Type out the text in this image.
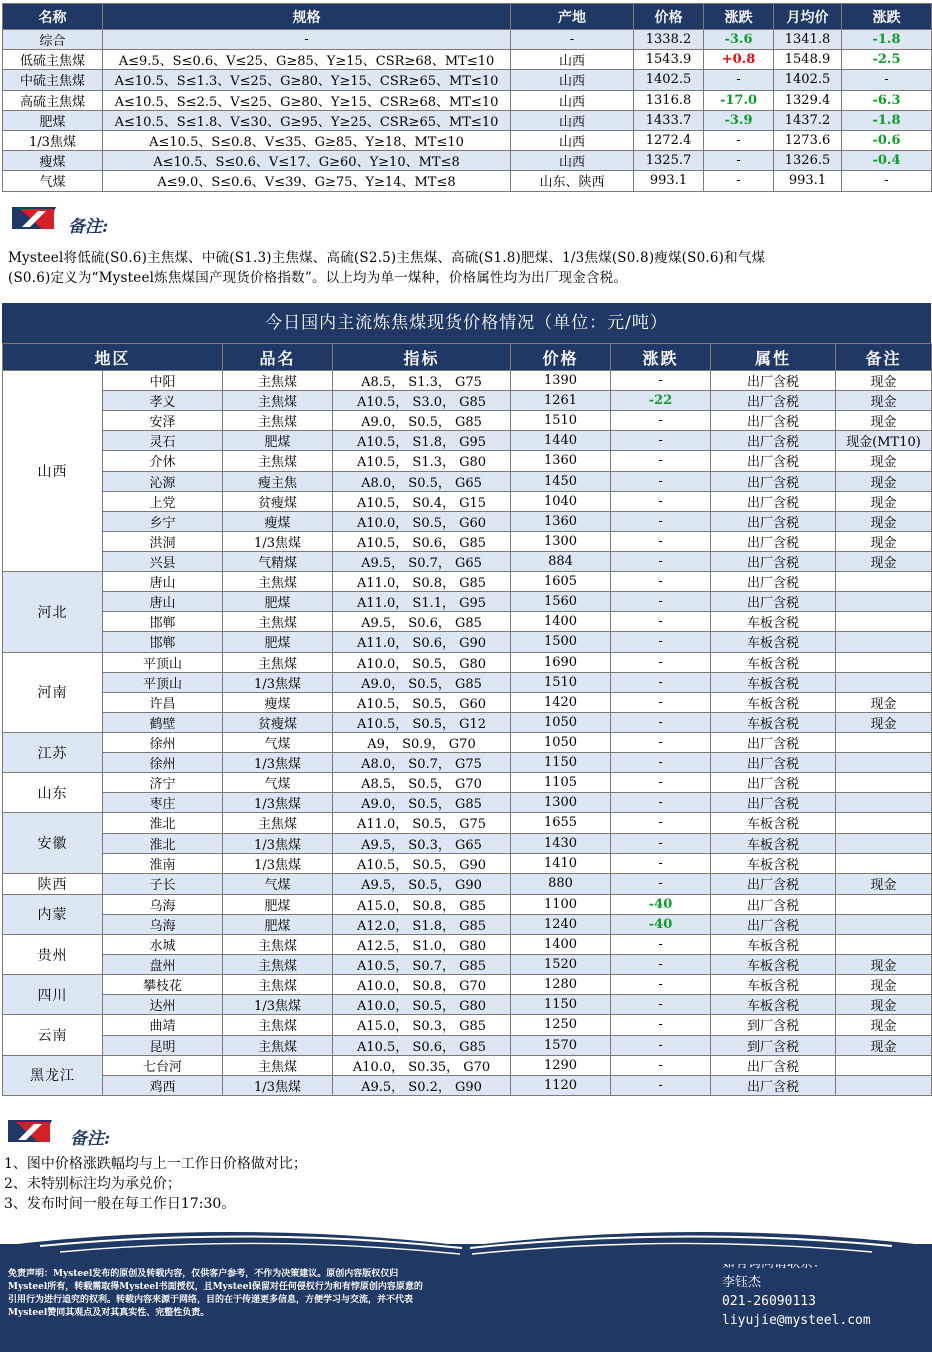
名称	规格	产地	价格	涨跌	月均价	涨跌
综合	-	-	1338.2	-3.6	1341.8	-1.8
低硫主焦煤	A≤9.5、S≤0.6、V≤25、G≥85、Y≥15、CSR≥68、MT≤10	山西	1543.9	+0.8	1548.9	-2.5
中硫主焦煤	A≤10.5、S≤1.3、V≤25、G≥80、Y≥15、CSR≥65、MT≤10	山西	1402.5	-	1402.5	-
高硫主焦煤	A≤10.5、S≤2.5、V≤25、G≥80、Y≥15、CSR≥68、MT≤10	山西	1316.8	-17.0	1329.4	-6.3
肥煤	A≤10.5、S≤1.8、V≤30、G≥95、Y≥25、CSR≥65、MT≤10	山西	1433.7	-3.9	1437.2	-1.8
1/3焦煤	A≤10.5、S≤0.8、V≤35、G≥85、Y≥18、MT≤10	山西	1272.4	-	1273.6	-0.6
瘦煤	A≤10.5、S≤0.6、V≤17、G≥60、Y≥10、MT≤8	山西	1325.7	-	1326.5	-0.4
气煤	A≤9.0、S≤0.6、V≤39、G≥75、Y≥14、MT≤8	山东、陕西	993.1	-	993.1	-
备注:
Mysteel将低硫(S0.6)主焦煤、中硫(S1.3)主焦煤、高硫(S2.5)主焦煤、高硫(S1.8)肥煤、1/3焦煤(S0.8)瘦煤(S0.6)和气煤
(S0.6)定义为“Mysteel炼焦煤国产现货价格指数”。以上均为单一煤种，价格属性均为出厂现金含税。
今日国内主流炼焦煤现货价格情况（单位：元/吨）
地区		品名	指标	价格	涨跌	属性	备注
山西	中阳	主焦煤	A8.5， S1.3， G75	1390	-	出厂含税	现金
	孝义	主焦煤	A10.5， S3.0， G85	1261	-22	出厂含税	现金
	安泽	主焦煤	A9.0， S0.5， G85	1510	-	出厂含税	现金
	灵石	肥煤	A10.5， S1.8， G95	1440	-	出厂含税	现金(MT10)
	介休	主焦煤	A10.5， S1.3， G80	1360	-	出厂含税	现金
	沁源	瘦主焦	A8.0， S0.5， G65	1450	-	出厂含税	现金
	上党	贫瘦煤	A10.5， S0.4， G15	1040	-	出厂含税	现金
	乡宁	瘦煤	A10.0， S0.5， G60	1360	-	出厂含税	现金
	洪洞	1/3焦煤	A10.5， S0.6， G85	1300	-	出厂含税	现金
	兴县	气精煤	A9.5， S0.7， G65	884	-	出厂含税	现金
河北	唐山	主焦煤	A11.0， S0.8， G85	1605	-	出厂含税	
	唐山	肥煤	A11.0， S1.1， G95	1560	-	出厂含税	
	邯郸	主焦煤	A9.5， S0.6， G85	1400	-	车板含税	
	邯郸	肥煤	A11.0， S0.6， G90	1500	-	车板含税	
河南	平顶山	主焦煤	A10.0， S0.5， G80	1690	-	车板含税	
	平顶山	1/3焦煤	A9.0， S0.5， G85	1510	-	车板含税	
	许昌	瘦煤	A10.5， S0.5， G60	1420	-	车板含税	现金
	鹤壁	贫瘦煤	A10.5， S0.5， G12	1050	-	车板含税	现金
江苏	徐州	气煤	A9， S0.9， G70	1050	-	出厂含税	
	徐州	1/3焦煤	A8.0， S0.7， G75	1150	-	出厂含税	
山东	济宁	气煤	A8.5， S0.5， G70	1105	-	出厂含税	
	枣庄	1/3焦煤	A9.0， S0.5， G85	1300	-	出厂含税	
安徽	淮北	主焦煤	A11.0， S0.5， G75	1655	-	车板含税	
	淮北	1/3焦煤	A9.5， S0.3， G65	1430	-	车板含税	
	淮南	1/3焦煤	A10.5， S0.5， G90	1410	-	车板含税	
陕西	子长	气煤	A9.5， S0.5， G90	880	-	出厂含税	现金
内蒙	乌海	肥煤	A15.0， S0.8， G85	1100	-40	出厂含税	
	乌海	肥煤	A12.0， S1.8， G85	1240	-40	出厂含税	
贵州	水城	主焦煤	A12.5， S1.0， G80	1400	-	车板含税	
	盘州	主焦煤	A10.5， S0.7， G85	1520	-	车板含税	现金
四川	攀枝花	主焦煤	A10.0， S0.8， G70	1280	-	车板含税	现金
	达州	1/3焦煤	A10.0， S0.5， G80	1150	-	车板含税	现金
云南	曲靖	主焦煤	A15.0， S0.3， G85	1250	-	到厂含税	现金
	昆明	主焦煤	A10.5， S0.6， G85	1570	-	到厂含税	现金
黑龙江	七台河	主焦煤	A10.0， S0.35， G70	1290	-	出厂含税	
	鸡西	1/3焦煤	A9.5， S0.2， G90	1120	-	出厂含税	
备注:
1、图中价格涨跌幅均与上一工作日价格做对比；
2、未特别标注均为承兑价；
3、发布时间一般在每工作日17:30。
免责声明：Mysteel发布的原创及转载内容，仅供客户参考，不作为决策建议。原创内容版权仅归Mysteel所有，转载需取得Mysteel书面授权，且Mysteel保留对任何侵权行为和有悖原创内容原意的引用行为进行追究的权利。转载内容来源于网络，目的在于传递更多信息，方便学习与交流，并不代表Mysteel赞同其观点及对其真实性、完整性负责。
李钰杰
021-26090113
liyujie@mysteel.com
